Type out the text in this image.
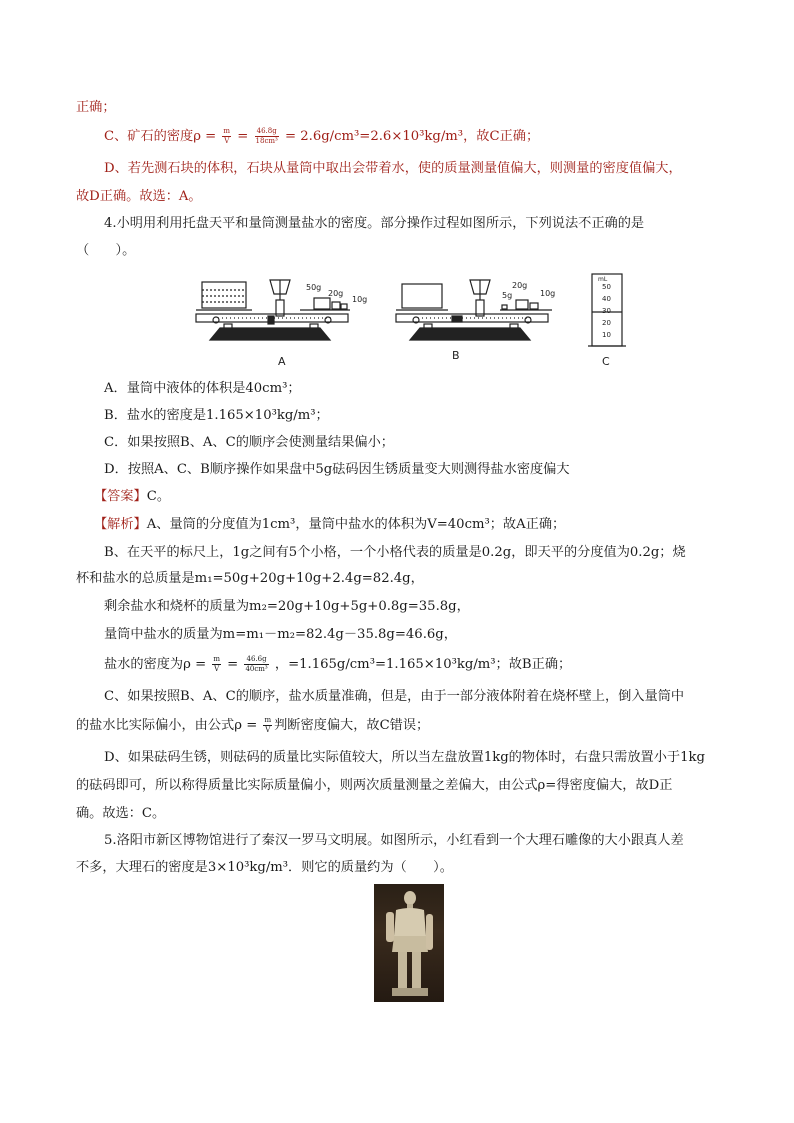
正确；
C、矿石的密度$\rho = \frac{m}{V} = \frac{46.8g}{\text{18cm³}} = 2.6g/cm^3=2.6\times 10^3kg/m^3$，故C正确；
D、若先测石块的体积，石块从量筒中取出会带着水，使的质量测量值偏大，则测量的密度值偏大，
故D正确。故选：A。
4.小明用利用托盘天平和量筒测量盐水的密度。部分操作过程如图所示，下列说法不正确的是
（　　）。
50g
20g
10g	5g
20g
10g
mL
50
40
30
20
10
A	B	C
A．量筒中液体的体积是40cm³；
B．盐水的密度是1.165×10³kg/m³；
C．如果按照B、A、C的顺序会使测量结果偏小；
D．按照A、C、B顺序操作如果盘中5g砝码因生锈质量变大则测得盐水密度偏大
【答案】C。
【解析】A、量筒的分度值为1cm³，量筒中盐水的体积为V=40cm³；故A正确；
B、在天平的标尺上，1g之间有5个小格，一个小格代表的质量是0.2g，即天平的分度值为0.2g；烧
杯和盐水的总质量是m₁=50g+20g+10g+2.4g=82.4g，
剩余盐水和烧杯的质量为m₂=20g+10g+5g+0.8g=35.8g，
量筒中盐水的质量为m=m₁－m₂=82.4g－35.8g=46.6g，
盐水的密度为$\rho = \frac{m}{V} = \frac{46.6g}{\text{40cm³}}$ ，=1.165g/cm³=1.165×10³kg/m³；故B正确；
C、如果按照B、A、C的顺序，盐水质量准确，但是，由于一部分液体附着在烧杯壁上，倒入量筒中
的盐水比实际偏小，由公式$\rho = \frac{m}{V}$ 判断密度偏大，故C错误；
D、如果砝码生锈，则砝码的质量比实际值较大，所以当左盘放置1kg的物体时，右盘只需放置小于1kg
的砝码即可，所以称得质量比实际质量偏小，则两次质量测量之差偏大，由公式ρ=得密度偏大，故D正
确。故选：C。
5.洛阳市新区博物馆进行了秦汉一罗马文明展。如图所示，小红看到一个大理石雕像的大小跟真人差
不多，大理石的密度是3×10³kg/m³．则它的质量约为（　　）。
